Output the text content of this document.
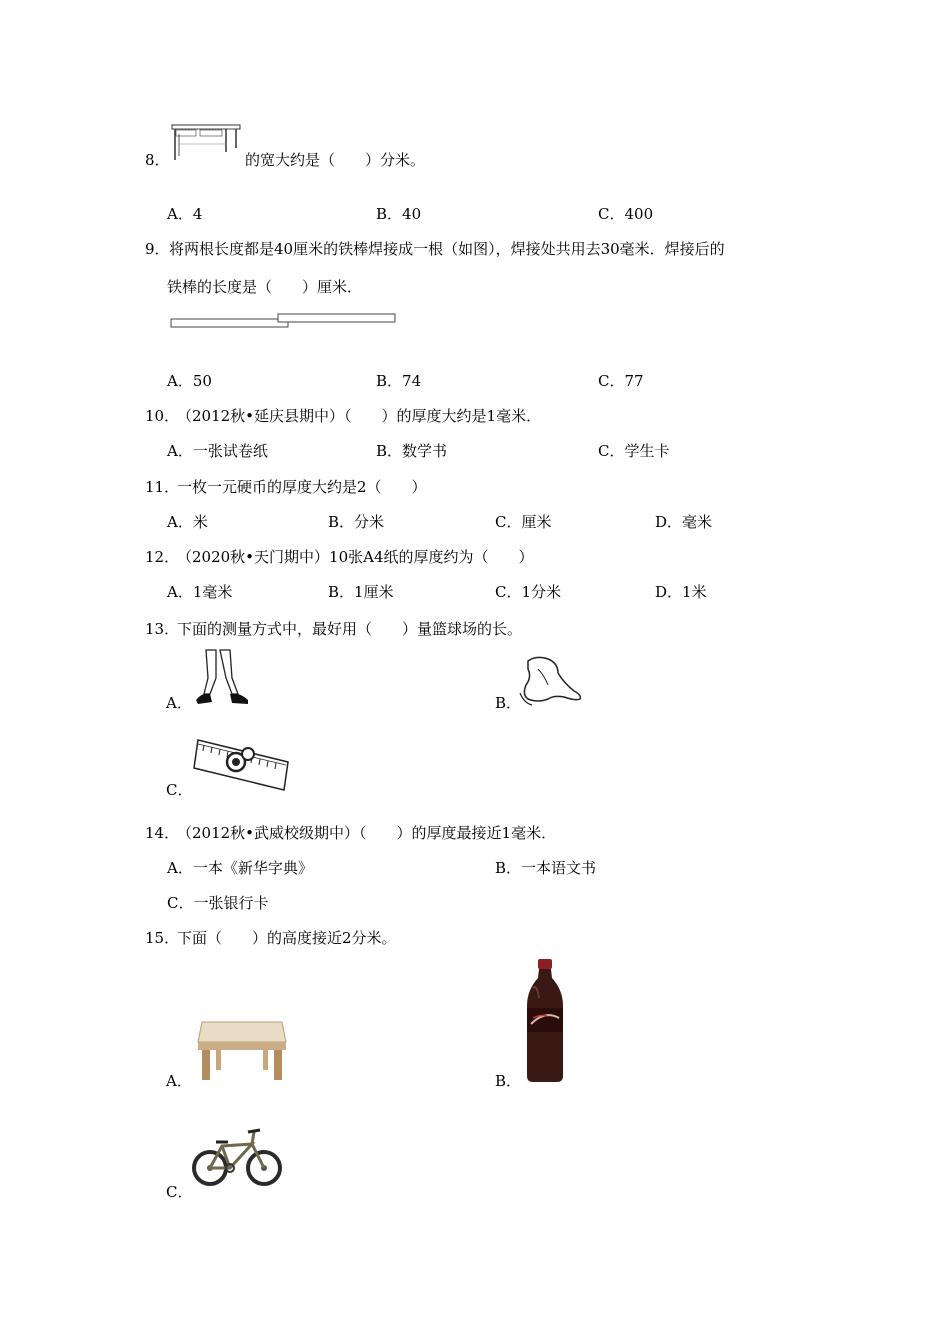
8．	的宽大约是（　　）分米。
A．4	B．40	C．400
9． 将两根长度都是40厘米的铁棒焊接成一根（如图），焊接处共用去30毫米．焊接后的
铁棒的长度是（　　）厘米．
A．50	B．74	C．77
10．
（2012秋•延庆县期中）（　　）的厚度大约是1毫米．
A．一张试卷纸	B．数学书	C．学生卡
11．
一枚一元硬币的厚度大约是2（　　）
A．米	B．分米	C．厘米	D．毫米
12．
（2020秋•天门期中）10张A4纸的厚度约为（　　）
A．1毫米	B．1厘米	C．1分米	D．1米
13．
下面的测量方式中，最好用（　　）量篮球场的长。
A．	B．
C．
14．
（2012秋•武威校级期中）（　　）的厚度最接近1毫米．
A．一本《新华字典》	B．一本语文书
C．一张银行卡
15．
下面（　　）的高度接近2分米。
A．	B．
C．
